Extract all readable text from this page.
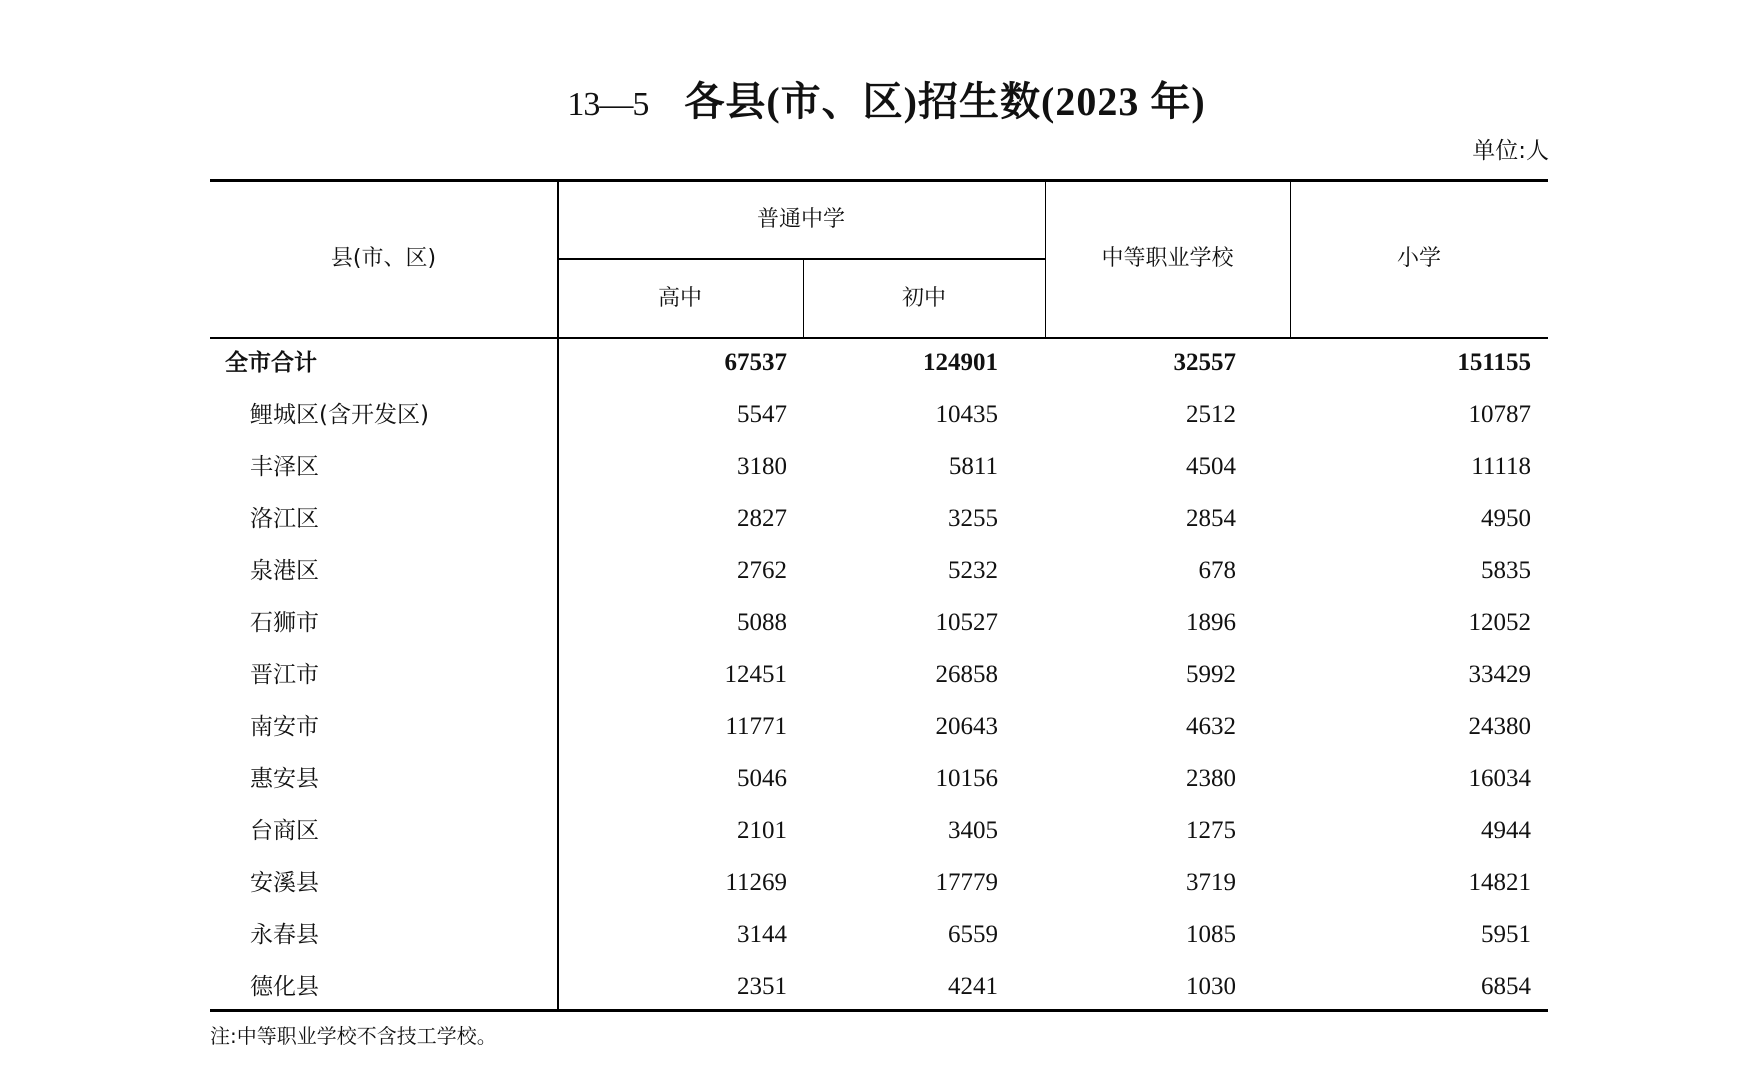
13—5 各县(市、区)招生数(2023 年)
单位:人
县(市、区)
普通中学
高中	初中
中等职业学校	小学
全市合计	67537	124901	32557	151155
鲤城区(含开发区)	5547	10435	2512	10787
丰泽区	3180	5811	4504	11118
洛江区	2827	3255	2854	4950
泉港区	2762	5232	678	5835
石狮市	5088	10527	1896	12052
晋江市	12451	26858	5992	33429
南安市	11771	20643	4632	24380
惠安县	5046	10156	2380	16034
台商区	2101	3405	1275	4944
安溪县	11269	17779	3719	14821
永春县	3144	6559	1085	5951
德化县	2351	4241	1030	6854
注:中等职业学校不含技工学校。
